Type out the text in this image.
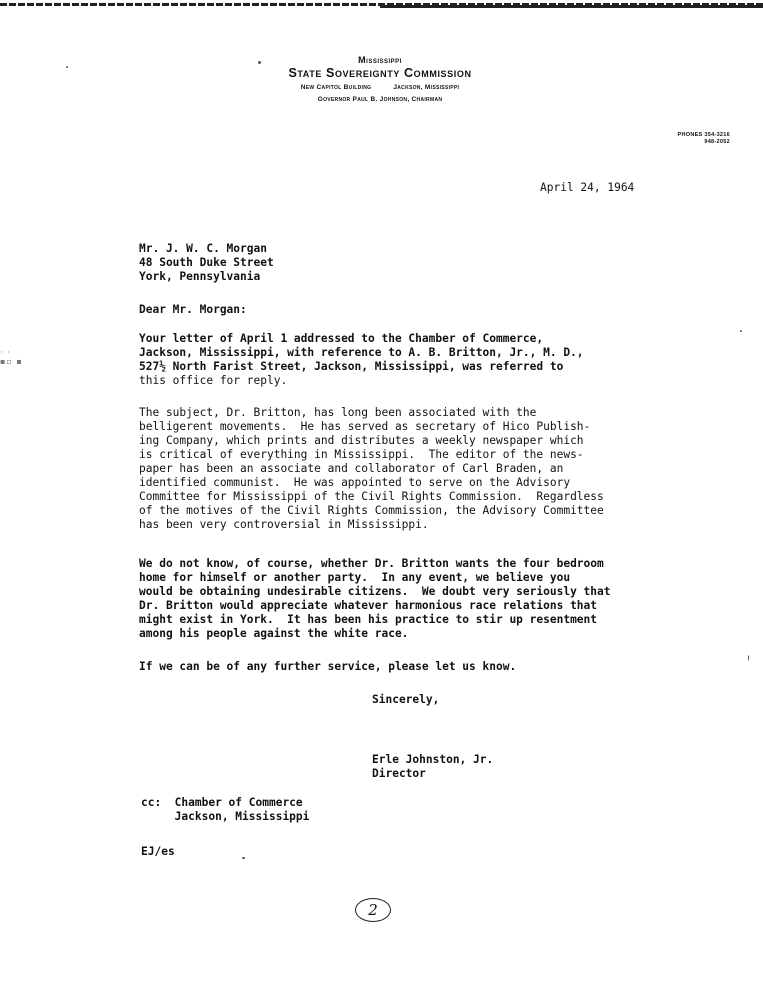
Mississippi
State Sovereignty Commission
New Capitol Building	Jackson, Mississippi
Governor Paul B. Johnson, Chairman
PHONES 354-3216
948-2052
April 24, 1964
Mr. J. W. C. Morgan
48 South Duke Street
York, Pennsylvania
Dear Mr. Morgan:
Your letter of April 1 addressed to the Chamber of Commerce,
Jackson, Mississippi, with reference to A. B. Britton, Jr., M. D.,
527½ North Farist Street, Jackson, Mississippi, was referred to
this office for reply.
The subject, Dr. Britton, has long been associated with the
belligerent movements.  He has served as secretary of Hico Publish-
ing Company, which prints and distributes a weekly newspaper which
is critical of everything in Mississippi.  The editor of the news-
paper has been an associate and collaborator of Carl Braden, an
identified communist.  He was appointed to serve on the Advisory
Committee for Mississippi of the Civil Rights Commission.  Regardless
of the motives of the Civil Rights Commission, the Advisory Committee
has been very controversial in Mississippi.
We do not know, of course, whether Dr. Britton wants the four bedroom
home for himself or another party.  In any event, we believe you
would be obtaining undesirable citizens.  We doubt very seriously that
Dr. Britton would appreciate whatever harmonious race relations that
might exist in York.  It has been his practice to stir up resentment
among his people against the white race.
If we can be of any further service, please let us know.
Sincerely,
Erle Johnston, Jr.
Director
cc:  Chamber of Commerce
Jackson, Mississippi
EJ/es
2
· ·
▪▫ ▪
